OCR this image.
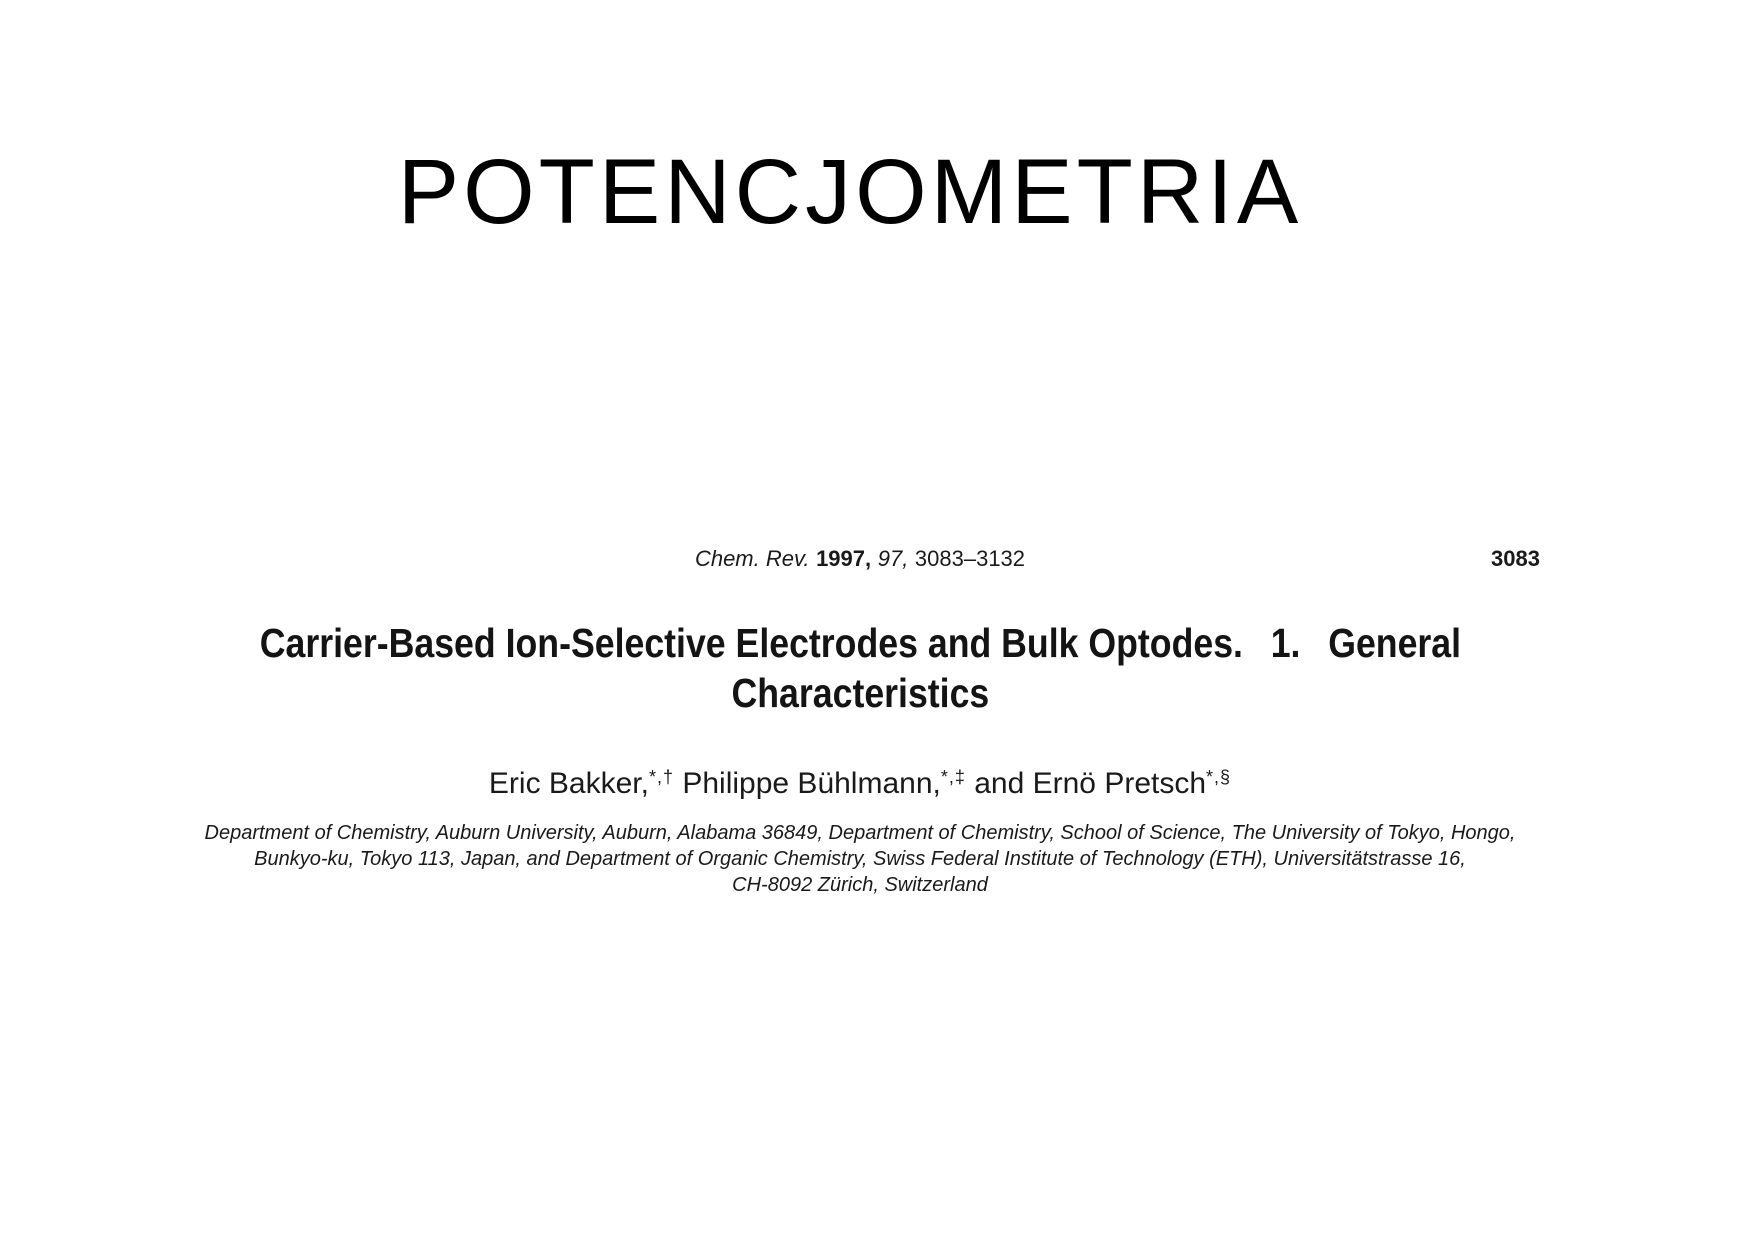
POTENCJOMETRIA
Chem. Rev. 1997, 97, 3083–3132	3083
Carrier-Based Ion-Selective Electrodes and Bulk Optodes.  1.  General
Characteristics
Eric Bakker,*,† Philippe Bühlmann,*,‡ and Ernö Pretsch*,§
Department of Chemistry, Auburn University, Auburn, Alabama 36849, Department of Chemistry, School of Science, The University of Tokyo, Hongo,
Bunkyo-ku, Tokyo 113, Japan, and Department of Organic Chemistry, Swiss Federal Institute of Technology (ETH), Universitätstrasse 16,
CH-8092 Zürich, Switzerland
